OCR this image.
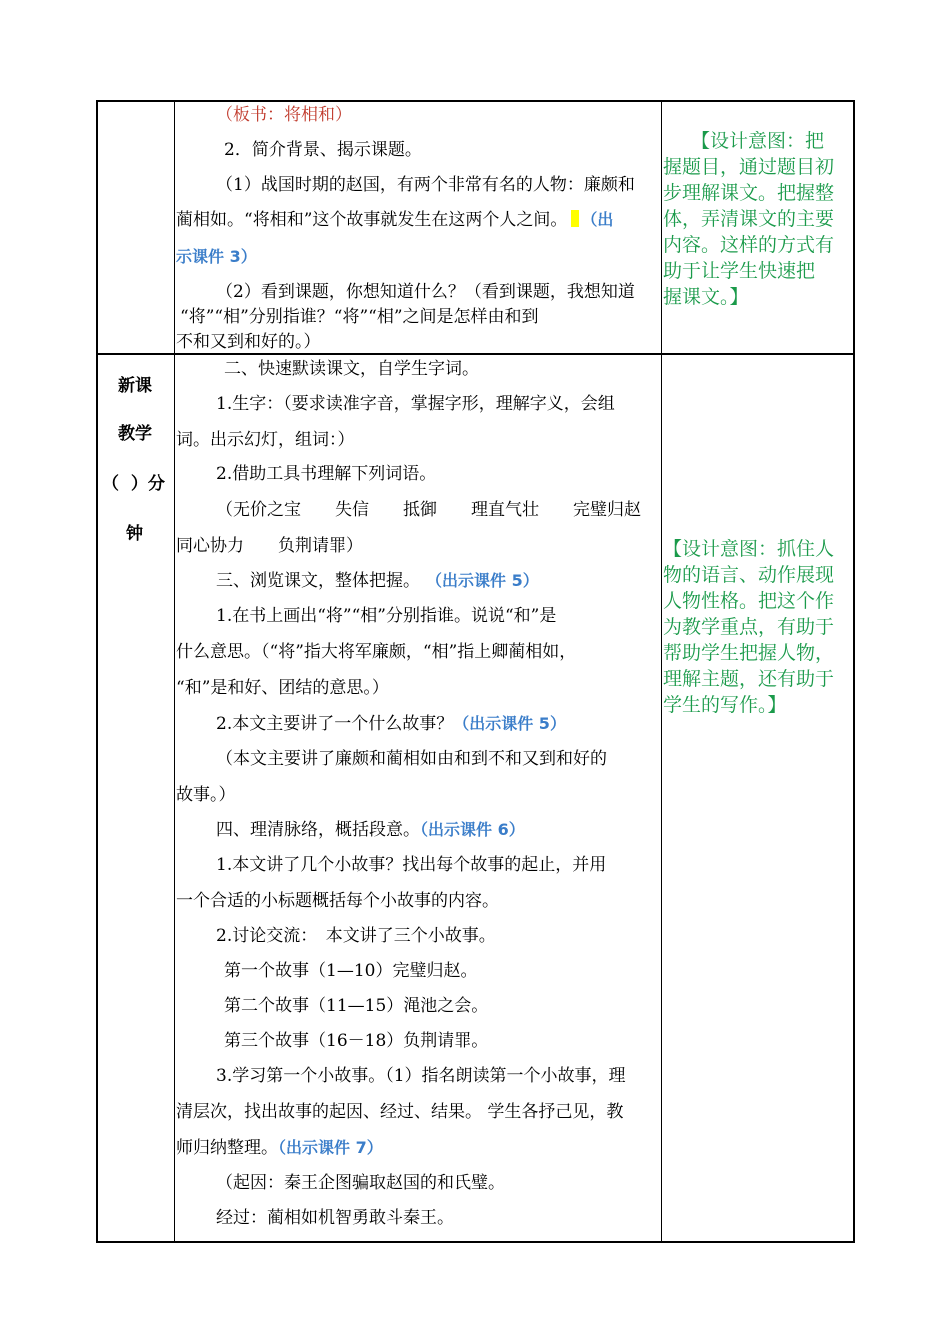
新课
教学
（  ）分
钟
（板书：将相和）
2．简介背景、揭示课题。
（1）战国时期的赵国，有两个非常有名的人物：廉颇和
蔺相如。“将相和”这个故事就发生在这两个人之间。 （出
示课件 3）
（2）看到课题，你想知道什么？（看到课题，我想知道
“将”“相”分别指谁？“将”“相”之间是怎样由和到
不和又到和好的。）
【设计意图：把
握题目，通过题目初
步理解课文。把握整
体，弄清课文的主要
内容。这样的方式有
助于让学生快速把
握课文。】
二、快速默读课文，自学生字词。
1.生字：（要求读准字音，掌握字形，理解字义，会组
词。出示幻灯，组词：）
2.借助工具书理解下列词语。
（无价之宝　　失信　　抵御　　理直气壮　　完璧归赵
同心协力　　负荆请罪）
三、浏览课文，整体把握。 （出示课件 5）
1.在书上画出“将”“相”分别指谁。说说“和”是
什么意思。（“将”指大将军廉颇，“相”指上卿蔺相如，
“和”是和好、团结的意思。）
2.本文主要讲了一个什么故事？（出示课件 5）
（本文主要讲了廉颇和蔺相如由和到不和又到和好的
故事。）
四、理清脉络，概括段意。（出示课件 6）
1.本文讲了几个小故事？找出每个故事的起止，并用
一个合适的小标题概括每个小故事的内容。
2.讨论交流：　本文讲了三个小故事。
第一个故事（1—10）完璧归赵。
第二个故事（11—15）渑池之会。
第三个故事（16－18）负荆请罪。
3.学习第一个小故事。（1）指名朗读第一个小故事，理
清层次，找出故事的起因、经过、结果。 学生各抒己见，教
师归纳整理。（出示课件 7）
（起因：秦王企图骗取赵国的和氏璧。
经过：蔺相如机智勇敢斗秦王。
【设计意图：抓住人
物的语言、动作展现
人物性格。把这个作
为教学重点，有助于
帮助学生把握人物，
理解主题，还有助于
学生的写作。】
